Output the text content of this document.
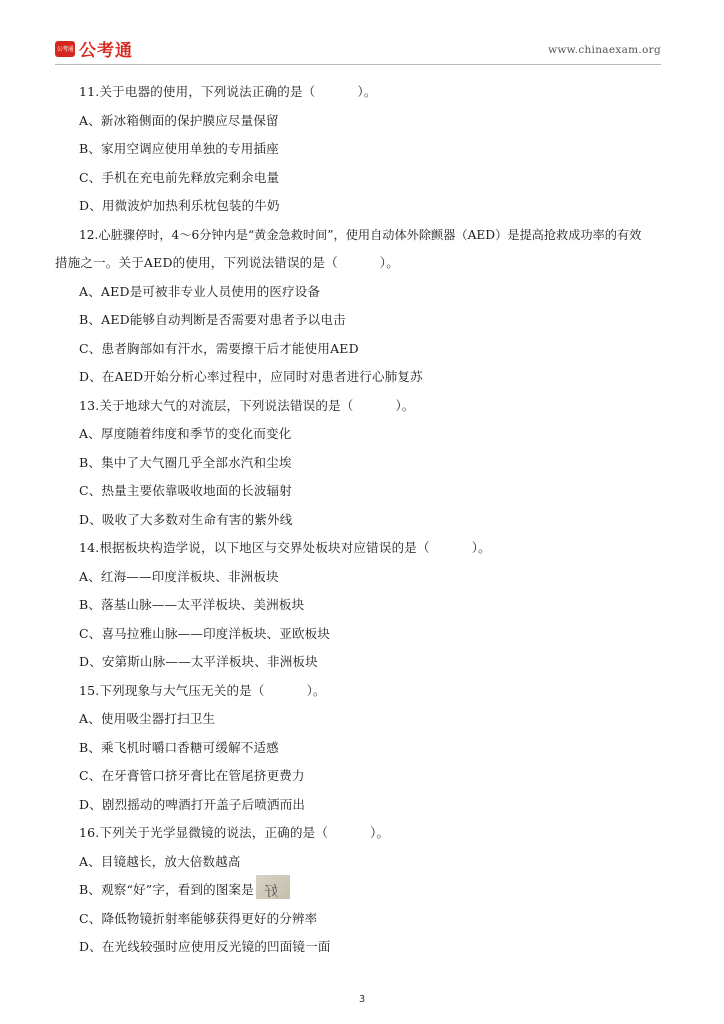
公考通 公考通	www.chinaexam.org
11.关于电器的使用，下列说法正确的是（	）。
A、新冰箱侧面的保护膜应尽量保留
B、家用空调应使用单独的专用插座
C、手机在充电前先释放完剩余电量
D、用微波炉加热利乐枕包装的牛奶
12.心脏骤停时，4～6分钟内是“黄金急救时间”，使用自动体外除颤器（AED）是提高抢救成功率的有效
措施之一。关于AED的使用，下列说法错误的是（	）。
A、AED是可被非专业人员使用的医疗设备
B、AED能够自动判断是否需要对患者予以电击
C、患者胸部如有汗水，需要擦干后才能使用AED
D、在AED开始分析心率过程中，应同时对患者进行心肺复苏
13.关于地球大气的对流层，下列说法错误的是（	）。
A、厚度随着纬度和季节的变化而变化
B、集中了大气圈几乎全部水汽和尘埃
C、热量主要依靠吸收地面的长波辐射
D、吸收了大多数对生命有害的紫外线
14.根据板块构造学说，以下地区与交界处板块对应错误的是（	）。
A、红海——印度洋板块、非洲板块
B、落基山脉——太平洋板块、美洲板块
C、喜马拉雅山脉——印度洋板块、亚欧板块
D、安第斯山脉——太平洋板块、非洲板块
15.下列现象与大气压无关的是（	）。
A、使用吸尘器打扫卫生
B、乘飞机时嚼口香糖可缓解不适感
C、在牙膏管口挤牙膏比在管尾挤更费力
D、剧烈摇动的啤酒打开盖子后喷洒而出
16.下列关于光学显微镜的说法，正确的是（	）。
A、目镜越长，放大倍数越高
B、观察“好”字，看到的图案是 好
C、降低物镜折射率能够获得更好的分辨率
D、在光线较强时应使用反光镜的凹面镜一面
3
